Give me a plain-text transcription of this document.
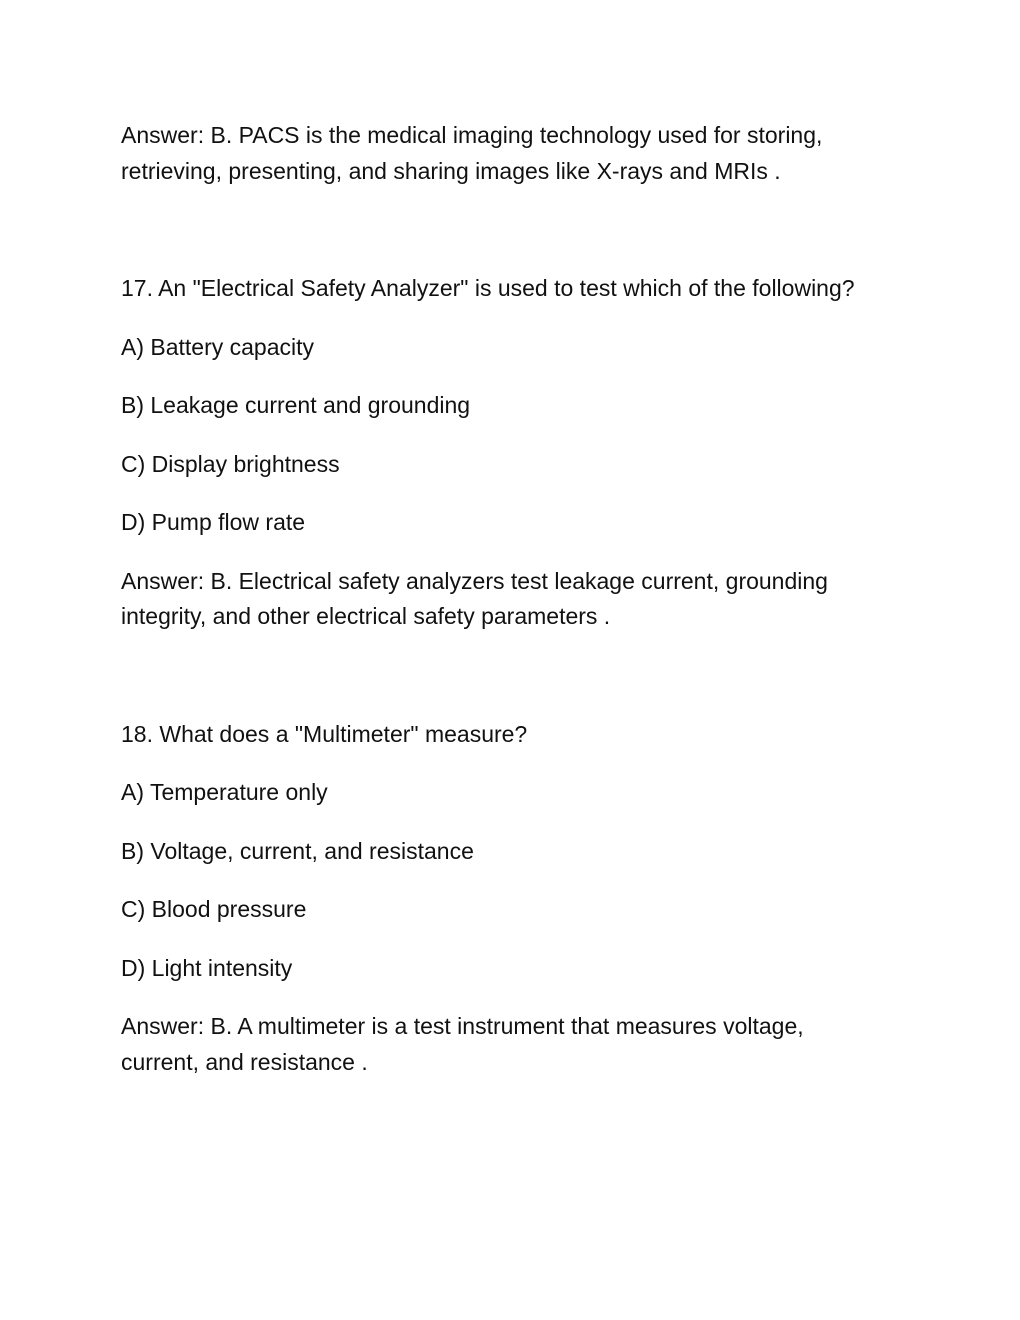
Answer: B. PACS is the medical imaging technology used for storing, retrieving, presenting, and sharing images like X-rays and MRIs .

17. An "Electrical Safety Analyzer" is used to test which of the following?

A) Battery capacity

B) Leakage current and grounding

C) Display brightness

D) Pump flow rate

Answer: B. Electrical safety analyzers test leakage current, grounding integrity, and other electrical safety parameters .

18. What does a "Multimeter" measure?

A) Temperature only

B) Voltage, current, and resistance

C) Blood pressure

D) Light intensity

Answer: B. A multimeter is a test instrument that measures voltage, current, and resistance .
